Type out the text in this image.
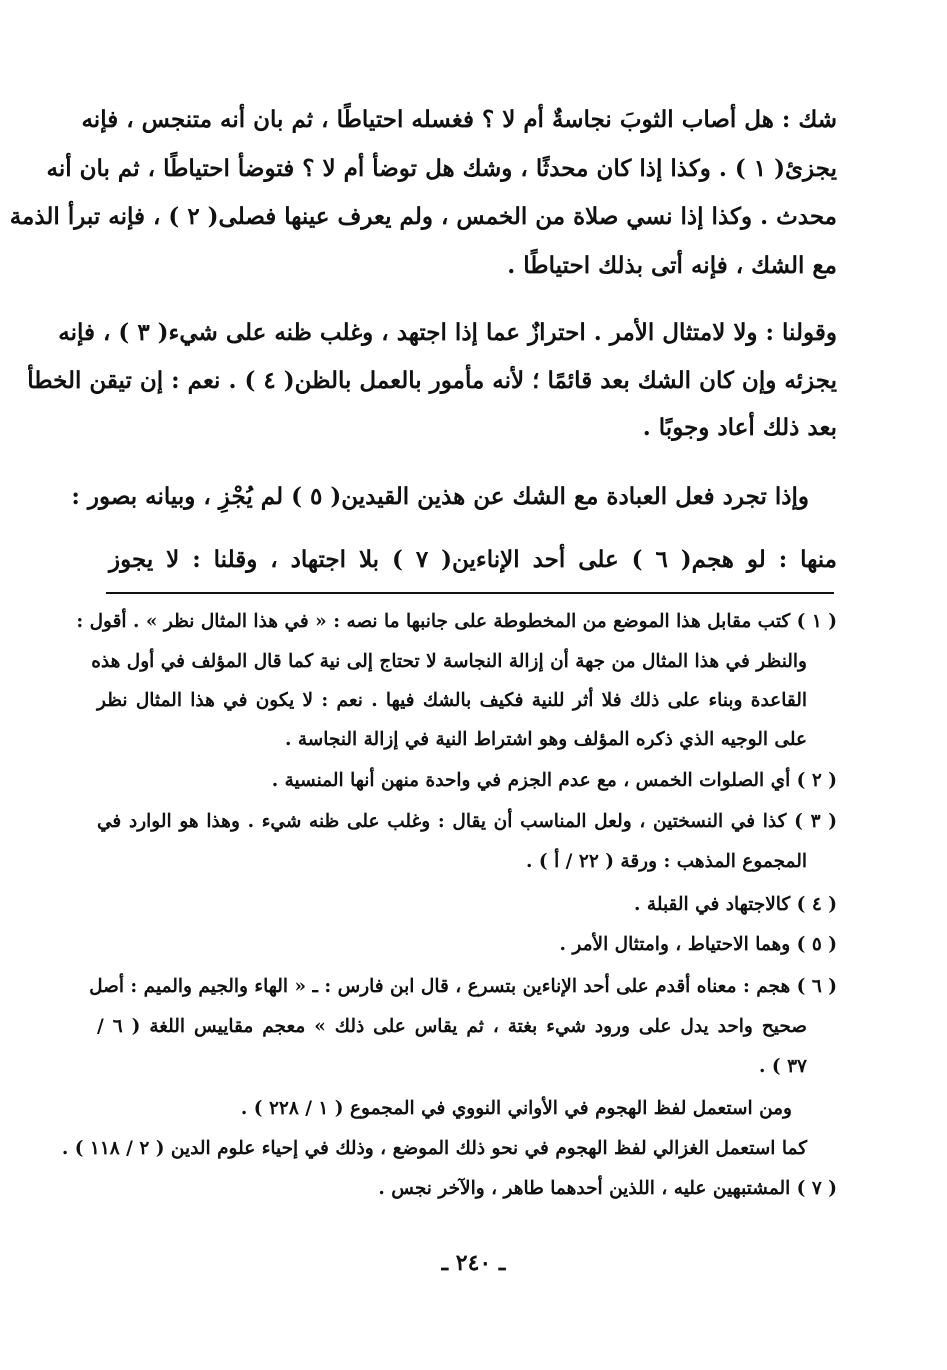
شك : هل أصاب الثوبَ نجاسةٌ أم لا ؟ فغسله احتياطًا ، ثم بان أنه متنجس ، فإنه
يجزئ( ١ ) . وكذا إذا كان محدثًا ، وشك هل توضأ أم لا ؟ فتوضأ احتياطًا ، ثم بان أنه
محدث . وكذا إذا نسي صلاة من الخمس ، ولم يعرف عينها فصلى( ٢ ) ، فإنه تبرأ الذمة
مع الشك ، فإنه أتى بذلك احتياطًا .
وقولنا : ولا لامتثال الأمر . احترازٌ عما إذا اجتهد ، وغلب ظنه على شيء( ٣ ) ، فإنه
يجزئه وإن كان الشك بعد قائمًا ؛ لأنه مأمور بالعمل بالظن( ٤ ) . نعم : إن تيقن الخطأ
بعد ذلك أعاد وجوبًا .
وإذا تجرد فعل العبادة مع الشك عن هذين القيدين( ٥ ) لم يُجْزِ ، وبيانه بصور :
منها : لو هجم( ٦ ) على أحد الإناءين( ٧ ) بلا اجتهاد ، وقلنا : لا يجوز
( ١ ) كتب مقابل هذا الموضع من المخطوطة على جانبها ما نصه : « في هذا المثال نظر » . أقول :
والنظر في هذا المثال من جهة أن إزالة النجاسة لا تحتاج إلى نية كما قال المؤلف في أول هذه
القاعدة وبناء على ذلك فلا أثر للنية فكيف بالشك فيها . نعم : لا يكون في هذا المثال نظر
على الوجيه الذي ذكره المؤلف وهو اشتراط النية في إزالة النجاسة .
( ٢ ) أي الصلوات الخمس ، مع عدم الجزم في واحدة منهن أنها المنسية .
( ٣ ) كذا في النسختين ، ولعل المناسب أن يقال : وغلب على ظنه شيء . وهذا هو الوارد في
المجموع المذهب : ورقة ( ٢٢ / أ ) .
( ٤ ) كالاجتهاد في القبلة .
( ٥ ) وهما الاحتياط ، وامتثال الأمر .
( ٦ ) هجم : معناه أقدم على أحد الإناءين بتسرع ، قال ابن فارس : ـ « الهاء والجيم والميم : أصل
صحيح واحد يدل على ورود شيء بغتة ، ثم يقاس على ذلك » معجم مقاييس اللغة ( ٦ /
٣٧ ) .
ومن استعمل لفظ الهجوم في الأواني النووي في المجموع ( ١ / ٢٢٨ ) .
كما استعمل الغزالي لفظ الهجوم في نحو ذلك الموضع ، وذلك في إحياء علوم الدين ( ٢ / ١١٨ ) .
( ٧ ) المشتبهين عليه ، اللذين أحدهما طاهر ، والآخر نجس .
ـ ٢٤٠ ـ
